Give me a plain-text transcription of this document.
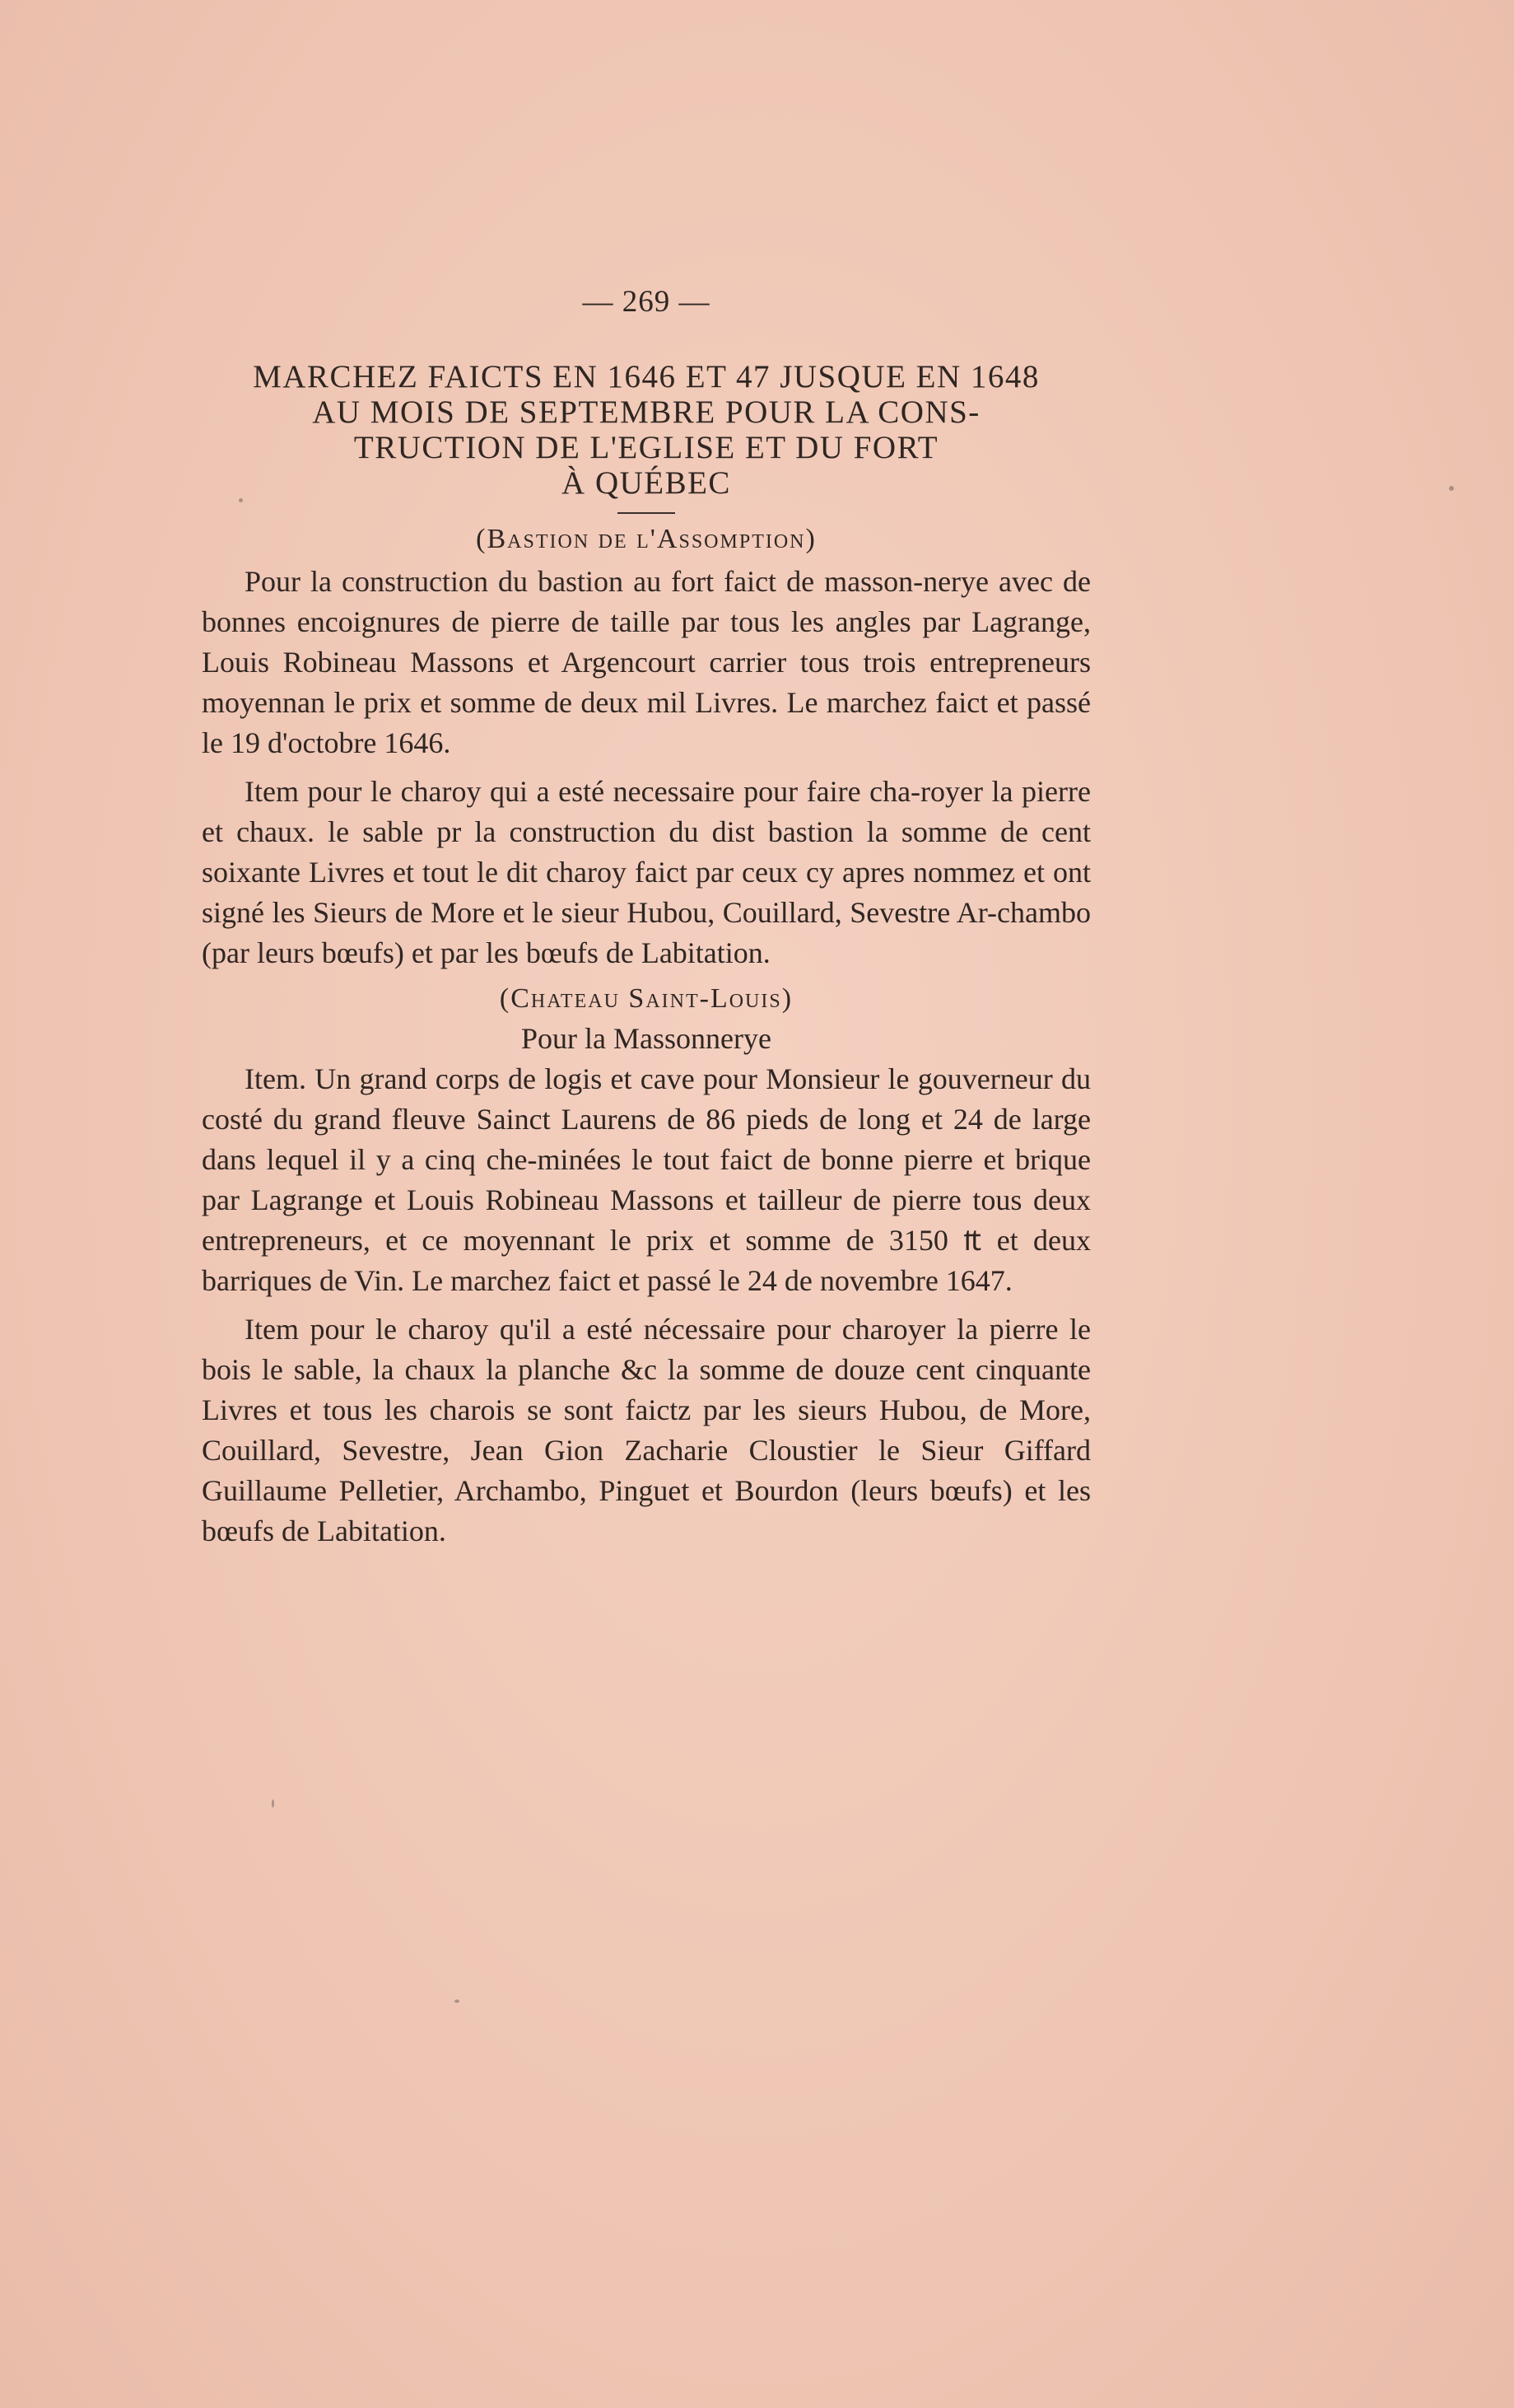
— 269 —
MARCHEZ FAICTS EN 1646 ET 47 JUSQUE EN 1648
AU MOIS DE SEPTEMBRE POUR LA CONS-
TRUCTION DE L'EGLISE ET DU FORT
À QUÉBEC
(Bastion de l'Assomption)

Pour la construction du bastion au fort faict de masson-nerye avec de bonnes encoignures de pierre de taille par tous les angles par Lagrange, Louis Robineau Massons et Argencourt carrier tous trois entrepreneurs moyennan le prix et somme de deux mil Livres. Le marchez faict et passé le 19 d'octobre 1646.

Item pour le charoy qui a esté necessaire pour faire cha-royer la pierre et chaux. le sable pr la construction du dist bastion la somme de cent soixante Livres et tout le dit charoy faict par ceux cy apres nommez et ont signé les Sieurs de More et le sieur Hubou, Couillard, Sevestre Ar-chambo (par leurs bœufs) et par les bœufs de Labitation.

(Chateau Saint-Louis)
Pour la Massonnerye

Item. Un grand corps de logis et cave pour Monsieur le gouverneur du costé du grand fleuve Sainct Laurens de 86 pieds de long et 24 de large dans lequel il y a cinq che-minées le tout faict de bonne pierre et brique par Lagrange et Louis Robineau Massons et tailleur de pierre tous deux entrepreneurs, et ce moyennant le prix et somme de 3150 ₶ et deux barriques de Vin. Le marchez faict et passé le 24 de novembre 1647.

Item pour le charoy qu'il a esté nécessaire pour charoyer la pierre le bois le sable, la chaux la planche &c la somme de douze cent cinquante Livres et tous les charois se sont faictz par les sieurs Hubou, de More, Couillard, Sevestre, Jean Gion Zacharie Cloustier le Sieur Giffard Guillaume Pelletier, Archambo, Pinguet et Bourdon (leurs bœufs) et les bœufs de Labitation.
